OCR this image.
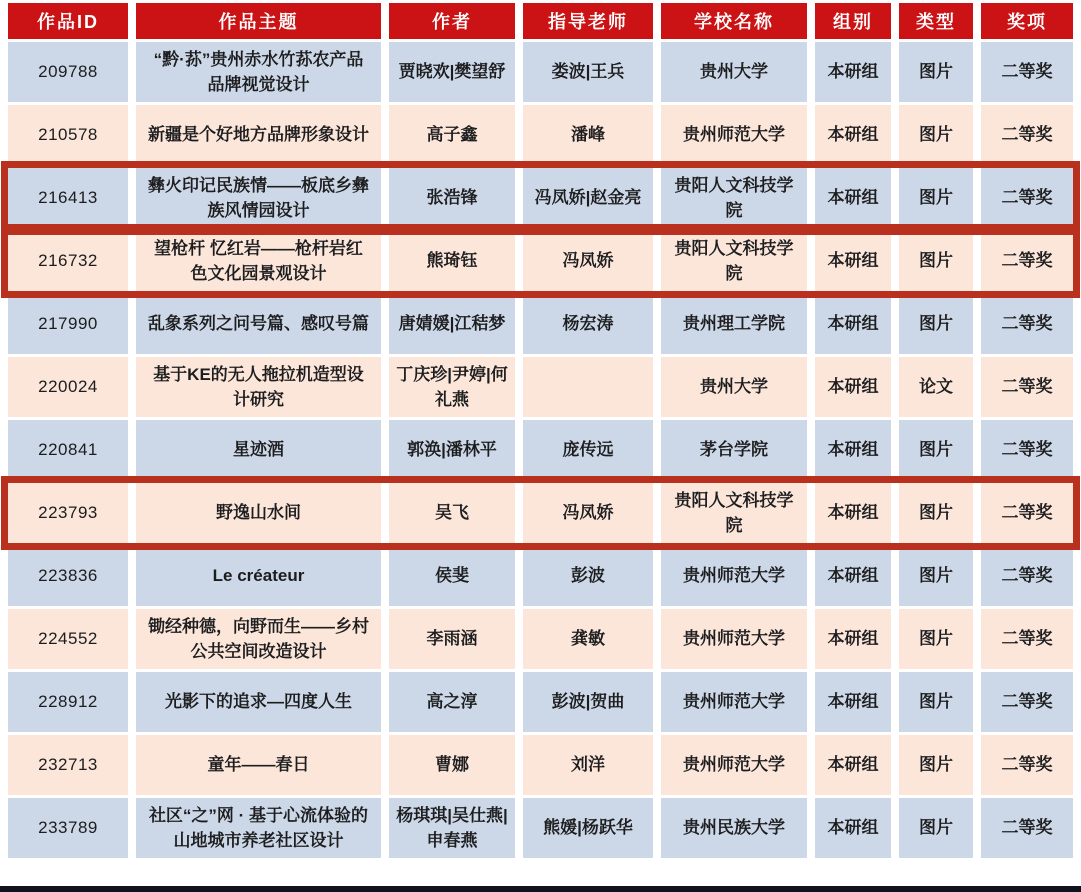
作品ID	作品主题	作者	指导老师	学校名称	组别	类型	奖项
209788	“黔·荪”贵州赤水竹荪农产品品牌视觉设计	贾晓欢|樊望舒	娄波|王兵	贵州大学	本研组	图片	二等奖
210578	新疆是个好地方品牌形象设计	高子鑫	潘峰	贵州师范大学	本研组	图片	二等奖
216413	彝火印记民族情——板底乡彝族风情园设计	张浩锋	冯凤娇|赵金亮	贵阳人文科技学院	本研组	图片	二等奖
216732	望枪杆 忆红岩——枪杆岩红色文化园景观设计	熊琦钰	冯凤娇	贵阳人文科技学院	本研组	图片	二等奖
217990	乱象系列之问号篇、感叹号篇	唐婧媛|江秸梦	杨宏涛	贵州理工学院	本研组	图片	二等奖
220024	基于KE的无人拖拉机造型设计研究	丁庆珍|尹婷|何礼燕		贵州大学	本研组	论文	二等奖
220841	星迹酒	郭涣|潘林平	庞传远	茅台学院	本研组	图片	二等奖
223793	野逸山水间	吴飞	冯凤娇	贵阳人文科技学院	本研组	图片	二等奖
223836	Le créateur	侯斐	彭波	贵州师范大学	本研组	图片	二等奖
224552	锄经种德，向野而生——乡村公共空间改造设计	李雨涵	龚敏	贵州师范大学	本研组	图片	二等奖
228912	光影下的追求—四度人生	高之淳	彭波|贺曲	贵州师范大学	本研组	图片	二等奖
232713	童年——春日	曹娜	刘洋	贵州师范大学	本研组	图片	二等奖
233789	社区“之”网 · 基于心流体验的山地城市养老社区设计	杨琪琪|吴仕燕|申春燕	熊媛|杨跃华	贵州民族大学	本研组	图片	二等奖
